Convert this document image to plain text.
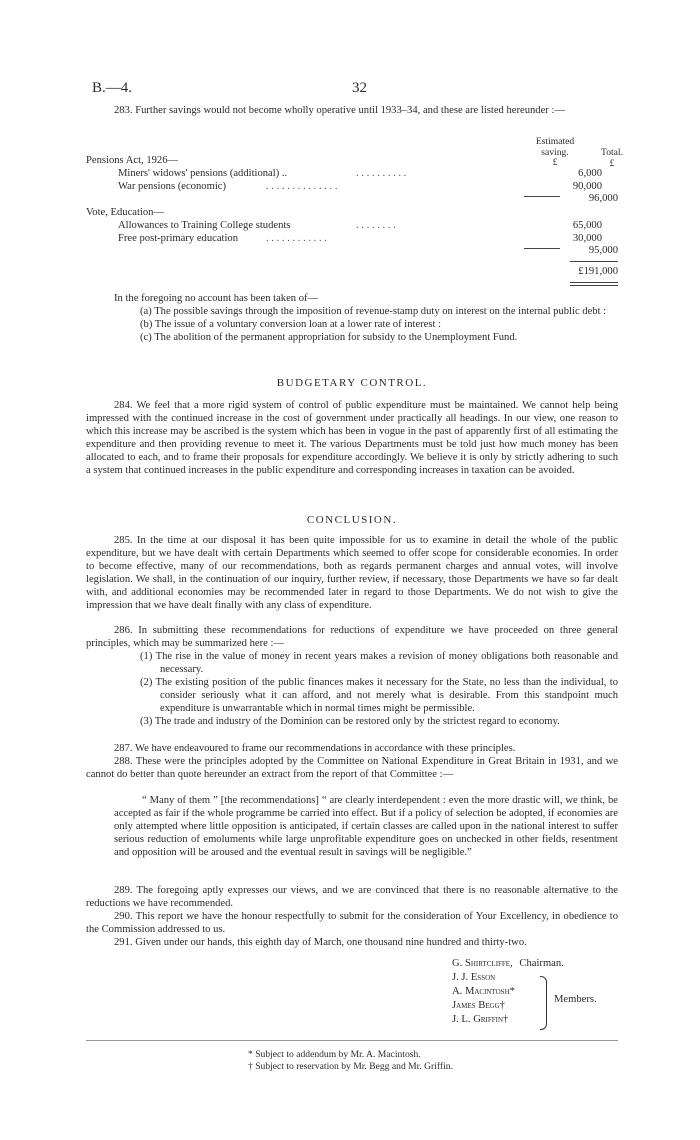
B.—4.	32

283. Further savings would not become wholly operative until 1933–34, and these are listed hereunder :—

Estimated saving.
£
Total.
£
Pensions Act, 1926—
Miners' widows' pensions (additional) ..	. . . . . . . . . .	6,000
War pensions (economic)	. . . . . . . . . . . . . .	90,000
96,000
Vote, Education—
Allowances to Training College students	. . . . . . . .	65,000
Free post-primary education	. . . . . . . . . . . .	30,000
95,000
£191,000

In the foregoing no account has been taken of—

(a) The possible savings through the imposition of revenue-stamp duty on interest on the internal public debt :

(b) The issue of a voluntary conversion loan at a lower rate of interest :

(c) The abolition of the permanent appropriation for subsidy to the Unemployment Fund.

BUDGETARY CONTROL.

284. We feel that a more rigid system of control of public expenditure must be maintained. We cannot help being impressed with the continued increase in the cost of government under practically all headings. In our view, one reason to which this increase may be ascribed is the system which has been in vogue in the past of apparently first of all estimating the expenditure and then providing revenue to meet it. The various Departments must be told just how much money has been allocated to each, and to frame their proposals for expenditure accordingly. We believe it is only by strictly adhering to such a system that continued increases in the public expenditure and corresponding increases in taxation can be avoided.

CONCLUSION.

285. In the time at our disposal it has been quite impossible for us to examine in detail the whole of the public expenditure, but we have dealt with certain Departments which seemed to offer scope for considerable economies. In order to become effective, many of our recommendations, both as regards permanent charges and annual votes, will involve legislation. We shall, in the continuation of our inquiry, further review, if necessary, those Departments we have so far dealt with, and additional economies may be recommended later in regard to those Departments. We do not wish to give the impression that we have dealt finally with any class of expenditure.

286. In submitting these recommendations for reductions of expenditure we have proceeded on three general principles, which may be summarized here :—

(1) The rise in the value of money in recent years makes a revision of money obligations both reasonable and necessary.

(2) The existing position of the public finances makes it necessary for the State, no less than the individual, to consider seriously what it can afford, and not merely what is desirable. From this standpoint much expenditure is unwarrantable which in normal times might be permissible.

(3) The trade and industry of the Dominion can be restored only by the strictest regard to economy.

287. We have endeavoured to frame our recommendations in accordance with these principles.

288. These were the principles adopted by the Committee on National Expenditure in Great Britain in 1931, and we cannot do better than quote hereunder an extract from the report of that Committee :—

“ Many of them ” [the recommendations] “ are clearly interdependent : even the more drastic will, we think, be accepted as fair if the whole programme be carried into effect. But if a policy of selection be adopted, if economies are only attempted where little opposition is anticipated, if certain classes are called upon in the national interest to suffer serious reduction of emoluments while large unprofitable expenditure goes on unchecked in other fields, resentment and opposition will be aroused and the eventual result in savings will be negligible.”

289. The foregoing aptly expresses our views, and we are convinced that there is no reasonable alternative to the reductions we have recommended.

290. This report we have the honour respectfully to submit for the consideration of Your Excellency, in obedience to the Commission addressed to us.

291. Given under our hands, this eighth day of March, one thousand nine hundred and thirty-two.

G. Shirtcliffe, Chairman.
J. J. Esson
A. Macintosh*
James Begg†
J. L. Griffin†
Members.
* Subject to addendum by Mr. A. Macintosh.
† Subject to reservation by Mr. Begg and Mr. Griffin.
